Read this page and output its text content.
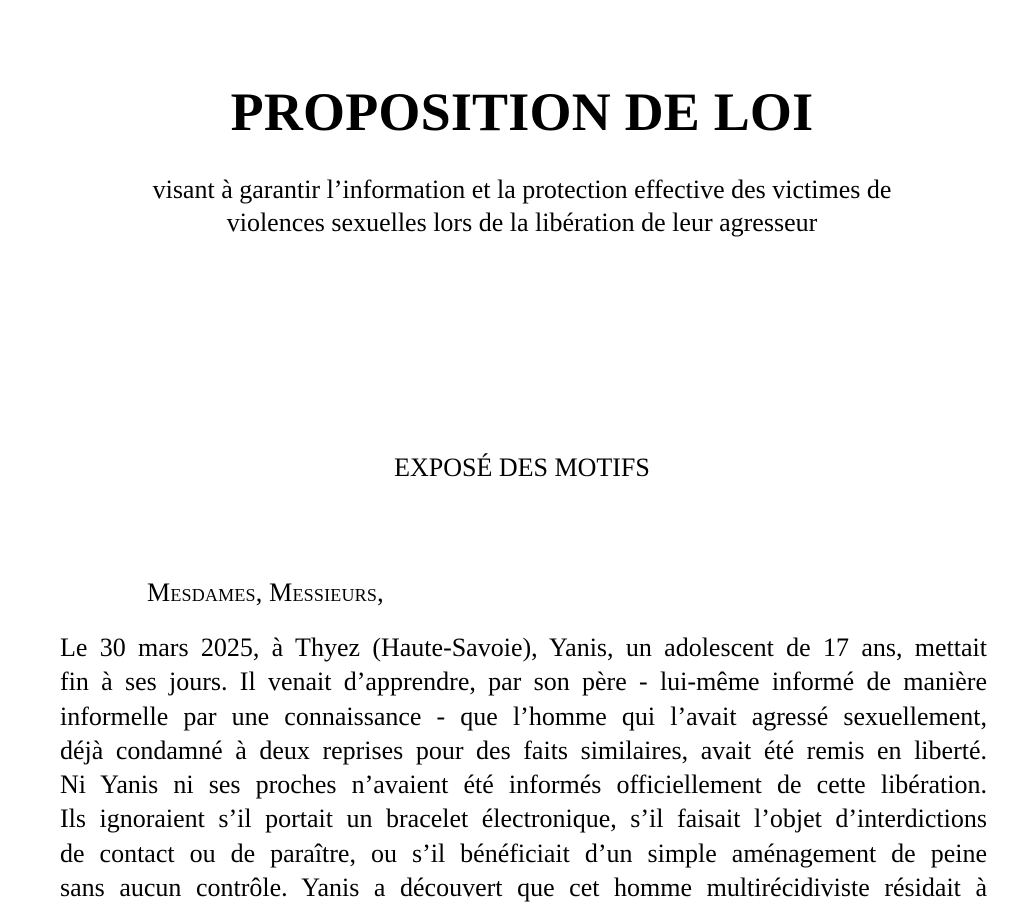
PROPOSITION DE LOI
visant à garantir l’information et la protection effective des victimes de
violences sexuelles lors de la libération de leur agresseur
EXPOSÉ DES MOTIFS

Mesdames, Messieurs,

Le 30 mars 2025, à Thyez (Haute-Savoie), Yanis, un adolescent de 17 ans, mettait
fin à ses jours. Il venait d’apprendre, par son père - lui-même informé de manière
informelle par une connaissance - que l’homme qui l’avait agressé sexuellement,
déjà condamné à deux reprises pour des faits similaires, avait été remis en liberté.
Ni Yanis ni ses proches n’avaient été informés officiellement de cette libération.
Ils ignoraient s’il portait un bracelet électronique, s’il faisait l’objet d’interdictions
de contact ou de paraître, ou s’il bénéficiait d’un simple aménagement de peine
sans aucun contrôle. Yanis a découvert que cet homme multirécidiviste résidait à
